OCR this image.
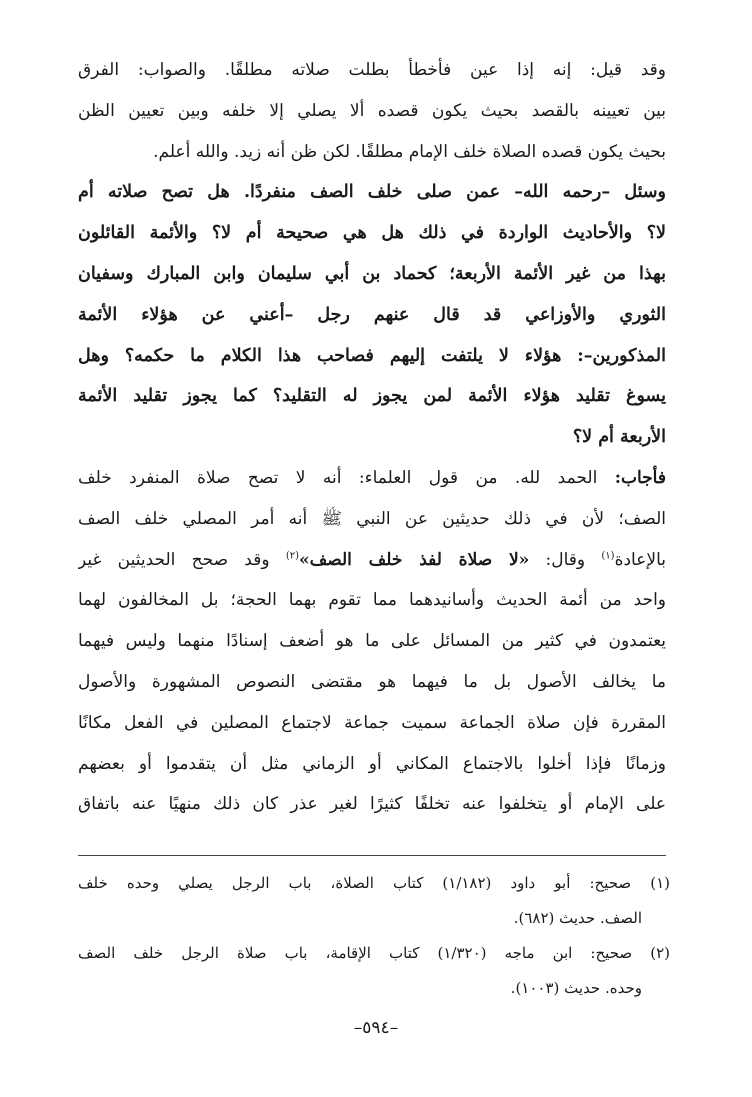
وقد قيل: إنه إذا عين فأخطأ بطلت صلاته مطلقًا. والصواب: الفرق
بين تعيينه بالقصد بحيث يكون قصده ألا يصلي إلا خلفه وبين تعيين الظن
بحيث يكون قصده الصلاة خلف الإمام مطلقًا. لكن ظن أنه زيد. والله أعلم.
وسئل –رحمه الله– عمن صلى خلف الصف منفردًا. هل تصح صلاته أم
لا؟ والأحاديث الواردة في ذلك هل هي صحيحة أم لا؟ والأئمة القائلون
بهذا من غير الأئمة الأربعة؛ كحماد بن أبي سليمان وابن المبارك وسفيان
الثوري والأوزاعي قد قال عنهم رجل –أعني عن هؤلاء الأئمة
المذكورين–: هؤلاء لا يلتفت إليهم فصاحب هذا الكلام ما حكمه؟ وهل
يسوغ تقليد هؤلاء الأئمة لمن يجوز له التقليد؟ كما يجوز تقليد الأئمة
الأربعة أم لا؟
فأجاب: الحمد لله. من قول العلماء: أنه لا تصح صلاة المنفرد خلف
الصف؛ لأن في ذلك حديثين عن النبي ﷺ أنه أمر المصلي خلف الصف
بالإعادة$^{(١)}$ وقال: «لا صلاة لفذ خلف الصف»$^{(٢)}$ وقد صحح الحديثين غير
واحد من أئمة الحديث وأسانيدهما مما تقوم بهما الحجة؛ بل المخالفون لهما
يعتمدون في كثير من المسائل على ما هو أضعف إسنادًا منهما وليس فيهما
ما يخالف الأصول بل ما فيهما هو مقتضى النصوص المشهورة والأصول
المقررة فإن صلاة الجماعة سميت جماعة لاجتماع المصلين في الفعل مكانًا
وزمانًا فإذا أخلوا بالاجتماع المكاني أو الزماني مثل أن يتقدموا أو بعضهم
على الإمام أو يتخلفوا عنه تخلفًا كثيرًا لغير عذر كان ذلك منهيًا عنه باتفاق
(١) صحيح: أبو داود (١/١٨٢) كتاب الصلاة، باب الرجل يصلي وحده خلف
الصف. حديث (٦٨٢).
(٢) صحيح: ابن ماجه (١/٣٢٠) كتاب الإقامة، باب صلاة الرجل خلف الصف
وحده. حديث (١٠٠٣).
–٥٩٤–
